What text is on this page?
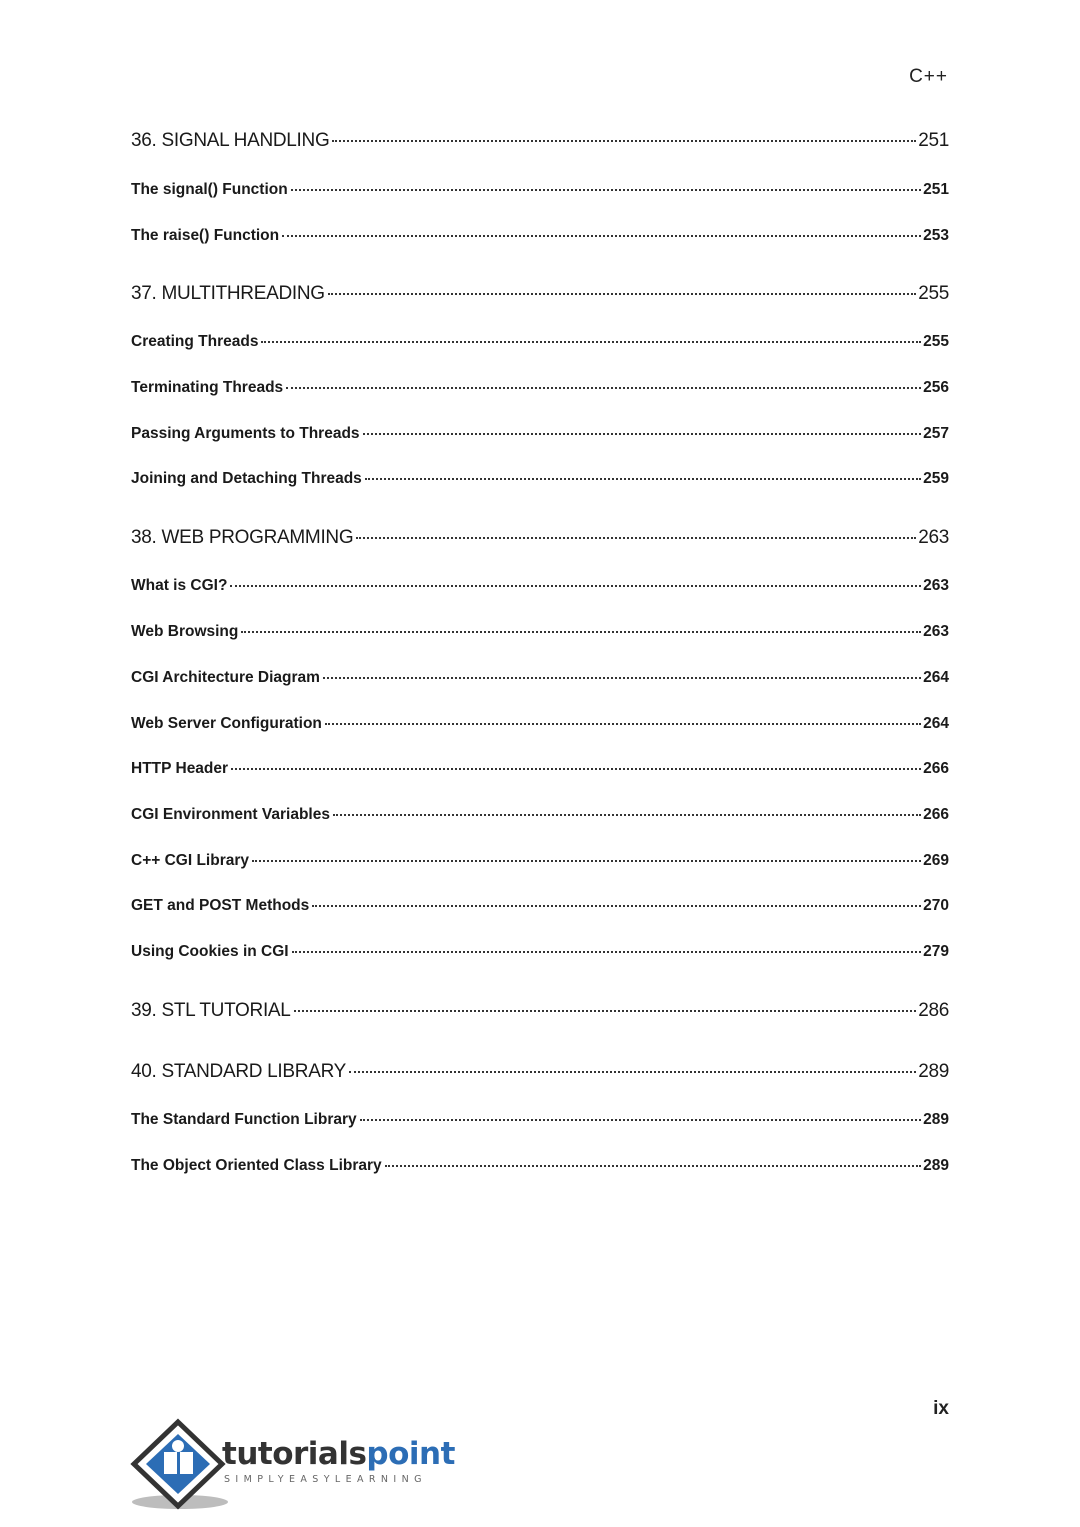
C++
36. SIGNAL HANDLING	251
The signal() Function	251
The raise() Function	253
37. MULTITHREADING	255
Creating Threads	255
Terminating Threads	256
Passing Arguments to Threads	257
Joining and Detaching Threads	259
38. WEB PROGRAMMING	263
What is CGI?	263
Web Browsing	263
CGI Architecture Diagram	264
Web Server Configuration	264
HTTP Header	266
CGI Environment Variables	266
C++ CGI Library	269
GET and POST Methods	270
Using Cookies in CGI	279
39. STL TUTORIAL	286
40. STANDARD LIBRARY	289
The Standard Function Library	289
The Object Oriented Class Library	289
ix
tutorialspoint
SIMPLYEASYLEARNING
